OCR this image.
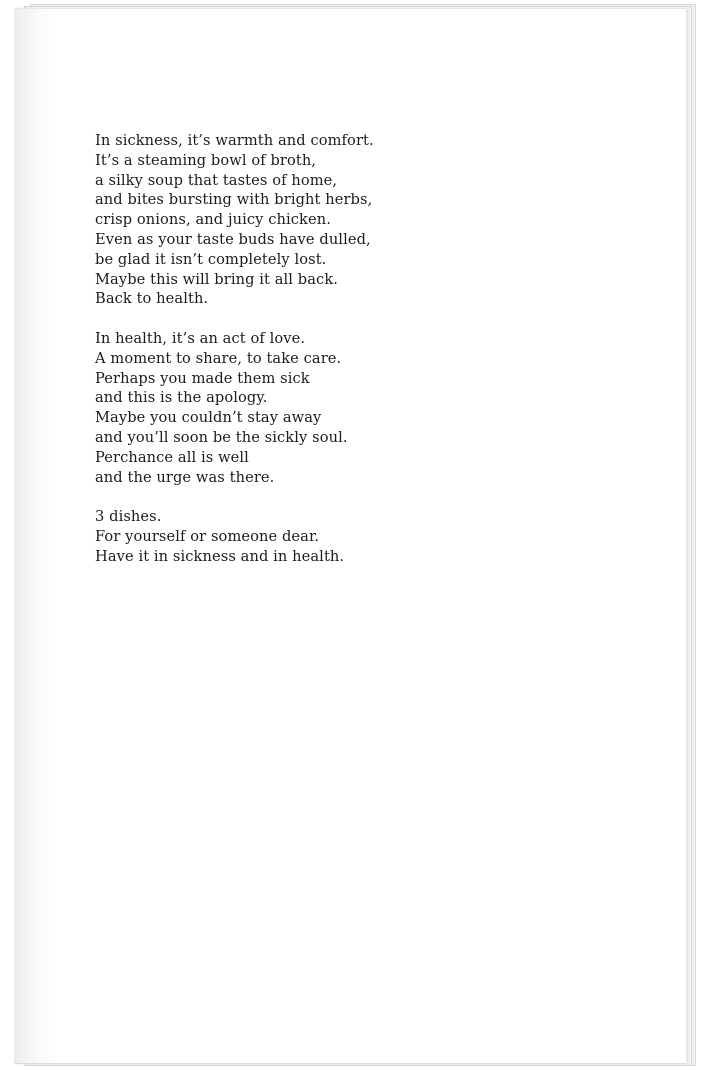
In sickness, it’s warmth and comfort.
It’s a steaming bowl of broth,
a silky soup that tastes of home,
and bites bursting with bright herbs,
crisp onions, and juicy chicken.
Even as your taste buds have dulled,
be glad it isn’t completely lost.
Maybe this will bring it all back.
Back to health.
In health, it’s an act of love.
A moment to share, to take care.
Perhaps you made them sick
and this is the apology.
Maybe you couldn’t stay away
and you’ll soon be the sickly soul.
Perchance all is well
and the urge was there.
3 dishes.
For yourself or someone dear.
Have it in sickness and in health.
